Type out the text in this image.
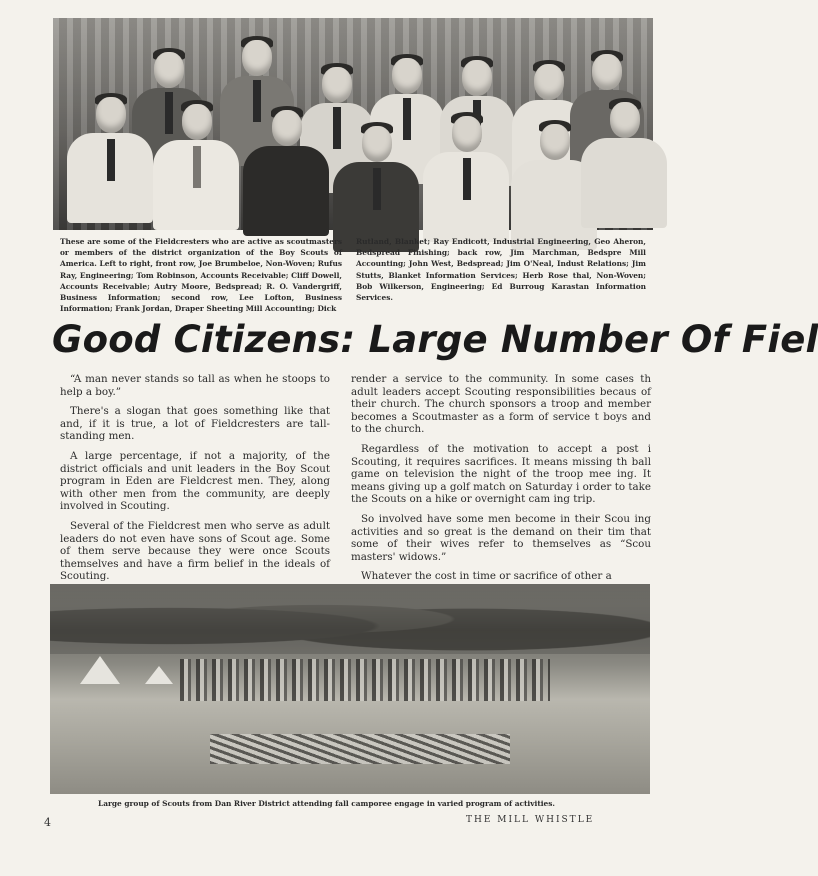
These are some of the Fieldcresters who are active as scoutmasters or members of the district organization of the Boy Scouts of America. Left to right, front row, Joe Brumbeloe, Non-Woven; Rufus Ray, Engineering; Tom Robinson, Accounts Receivable; Cliff Dowell, Accounts Receivable; Autry Moore, Bedspread; R. O. Vandergriff, Business Information; second row, Lee Lofton, Business Information; Frank Jordan, Draper Sheeting Mill Accounting; Dick
Rutland, Blanket; Ray Endicott, Industrial Engineering, Geo Aheron, Bedspread Finishing; back row, Jim Marchman, Bedspre Mill Accounting; John West, Bedspread; Jim O'Neal, Indust Relations; Jim Stutts, Blanket Information Services; Herb Rose thal, Non-Woven; Bob Wilkerson, Engineering; Ed Burroug Karastan Information Services.
Good Citizens: Large Number Of Fiel

“A man never stands so tall as when he stoops to help a boy.”

There's a slogan that goes something like that and, if it is true, a lot of Fieldcresters are tall-standing men.

A large percentage, if not a majority, of the district officials and unit leaders in the Boy Scout program in Eden are Fieldcrest men. They, along with other men from the community, are deeply involved in Scouting.

Several of the Fieldcrest men who serve as adult leaders do not even have sons of Scout age. Some of them serve because they were once Scouts themselves and have a firm belief in the ideals of Scouting.

render a service to the community. In some cases th adult leaders accept Scouting responsibilities becaus of their church. The church sponsors a troop and member becomes a Scoutmaster as a form of service t boys and to the church.

Regardless of the motivation to accept a post i Scouting, it requires sacrifices. It means missing th ball game on television the night of the troop mee ing. It means giving up a golf match on Saturday i order to take the Scouts on a hike or overnight cam ing trip.

So involved have some men become in their Scou ing activities and so great is the demand on their tim that some of their wives refer to themselves as “Scou masters' widows.”

Whatever the cost in time or sacrifice of other a

Large group of Scouts from Dan River District attending fall camporee engage in varied program of activities.
4	THE MILL WHISTLE
